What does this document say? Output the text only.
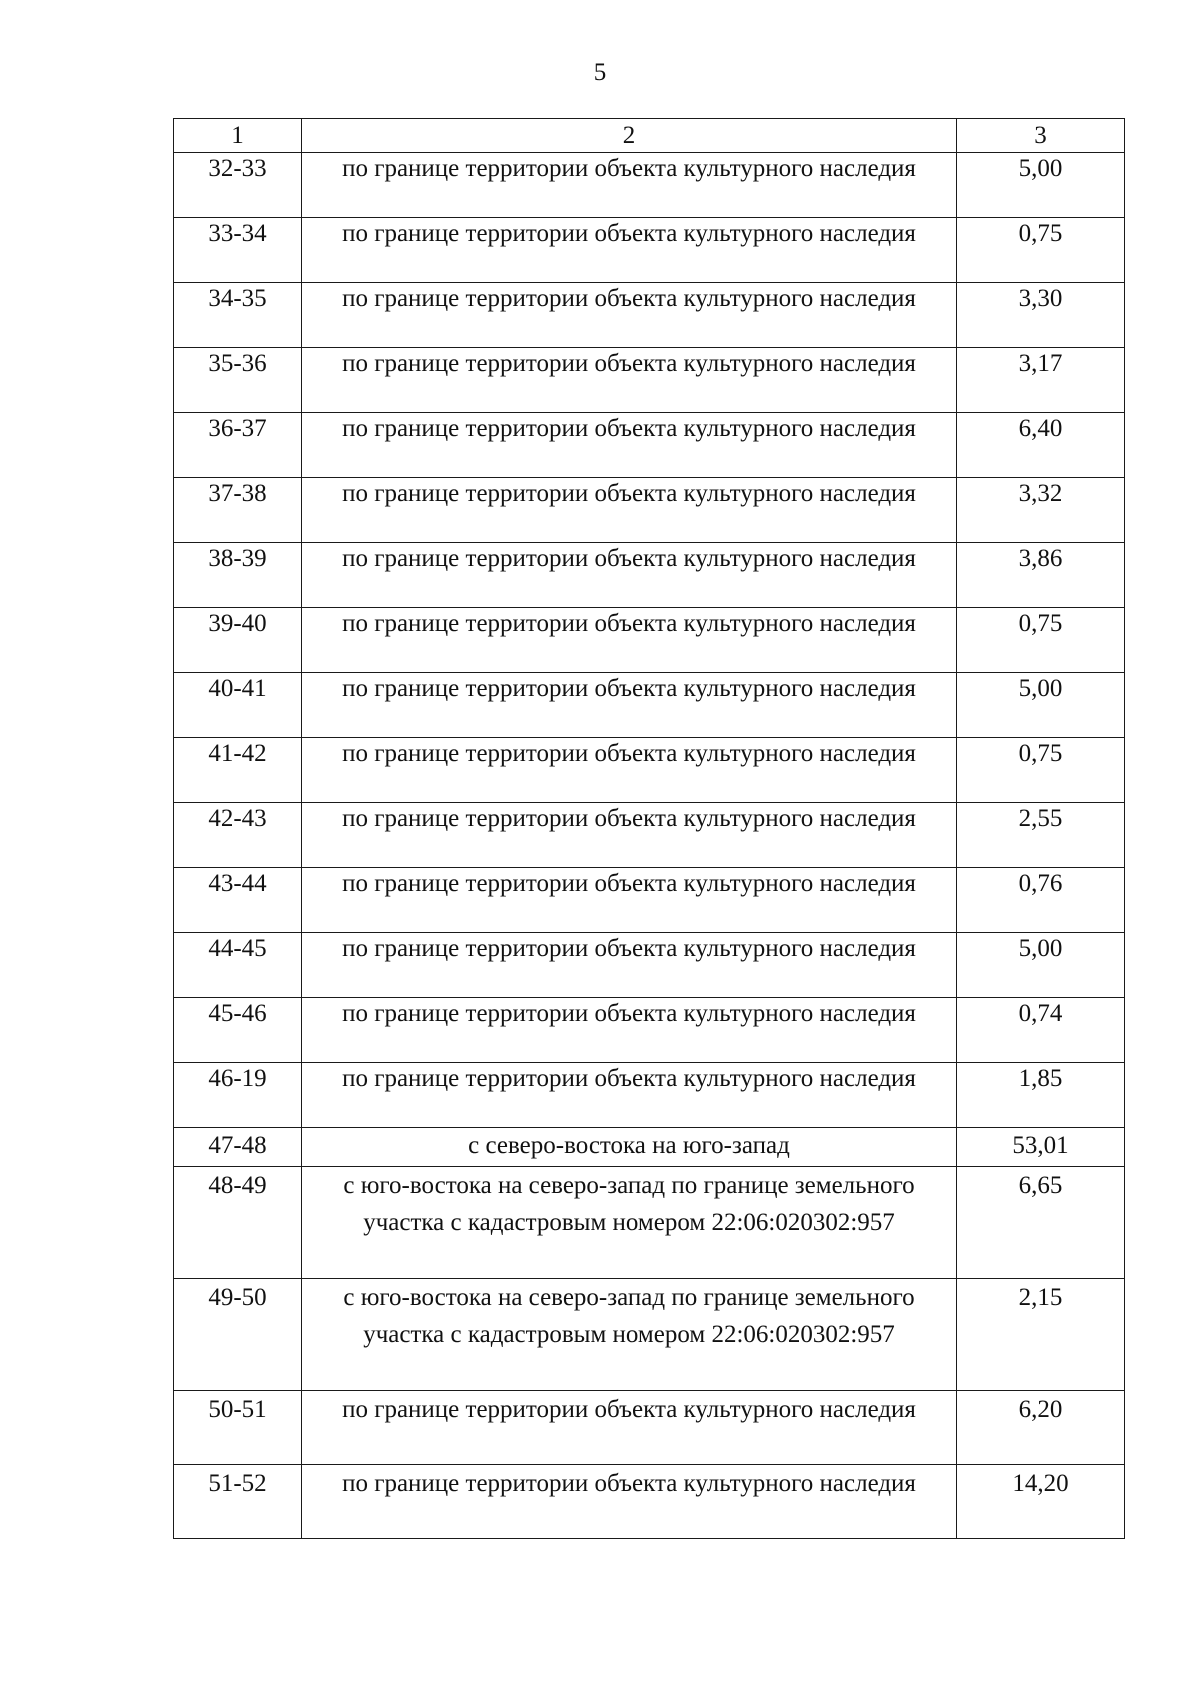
5
1	2	3
32-33	по границе территории объекта культурного наследия	5,00
33-34	по границе территории объекта культурного наследия	0,75
34-35	по границе территории объекта культурного наследия	3,30
35-36	по границе территории объекта культурного наследия	3,17
36-37	по границе территории объекта культурного наследия	6,40
37-38	по границе территории объекта культурного наследия	3,32
38-39	по границе территории объекта культурного наследия	3,86
39-40	по границе территории объекта культурного наследия	0,75
40-41	по границе территории объекта культурного наследия	5,00
41-42	по границе территории объекта культурного наследия	0,75
42-43	по границе территории объекта культурного наследия	2,55
43-44	по границе территории объекта культурного наследия	0,76
44-45	по границе территории объекта культурного наследия	5,00
45-46	по границе территории объекта культурного наследия	0,74
46-19	по границе территории объекта культурного наследия	1,85
47-48	с северо-востока на юго-запад	53,01
48-49	с юго-востока на северо-запад по границе земельного участка с кадастровым номером 22:06:020302:957	6,65
49-50	с юго-востока на северо-запад по границе земельного участка с кадастровым номером 22:06:020302:957	2,15
50-51	по границе территории объекта культурного наследия	6,20
51-52	по границе территории объекта культурного наследия	14,20
